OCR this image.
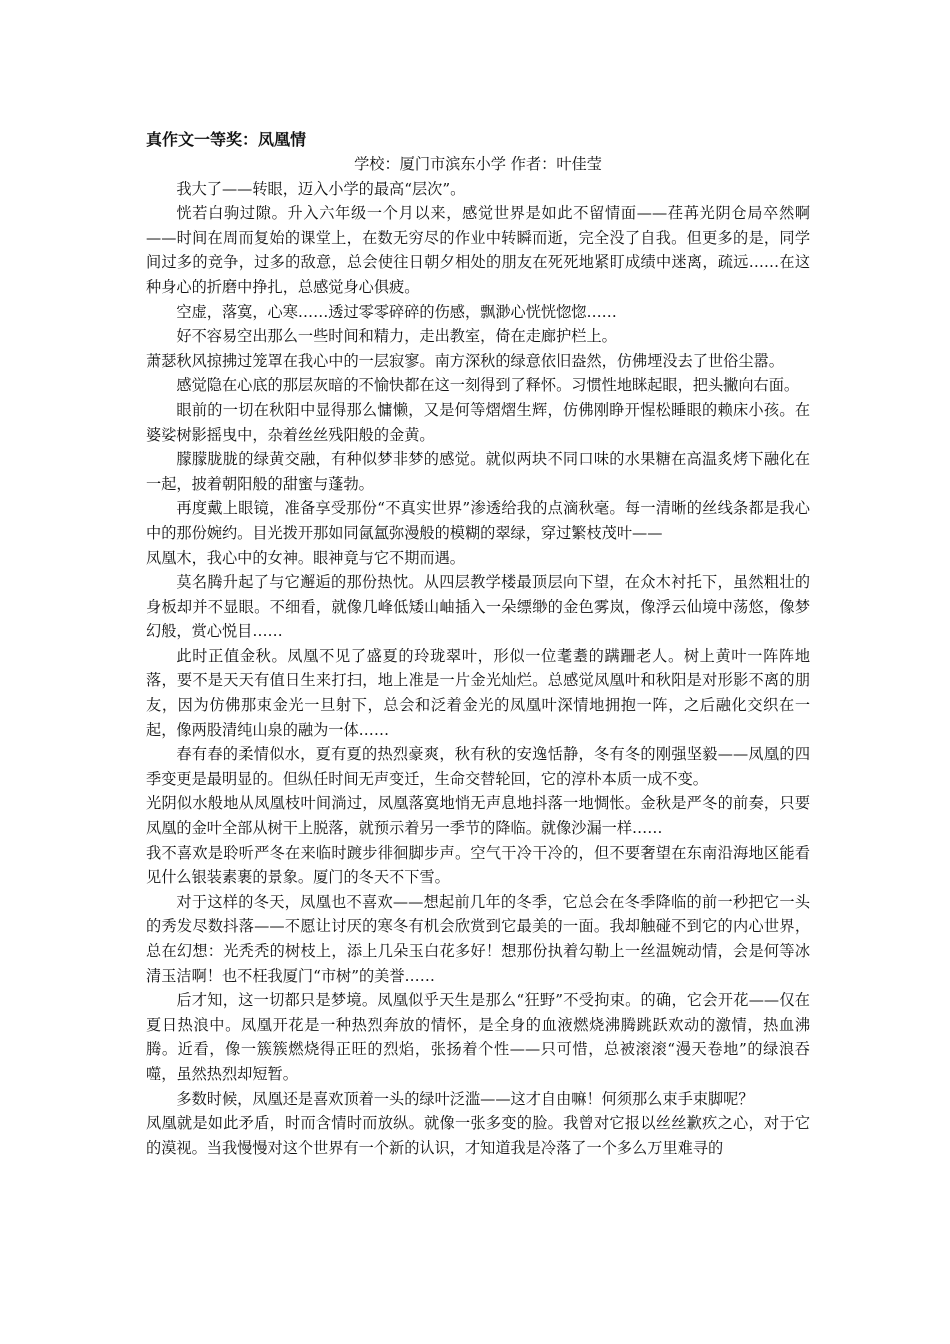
真作文一等奖：凤凰情

学校：厦门市滨东小学 作者：叶佳莹

我大了——转眼，迈入小学的最高“层次”。

恍若白驹过隙。升入六年级一个月以来，感觉世界是如此不留情面——荏苒光阴仓局卒然啊——时间在周而复始的课堂上，在数无穷尽的作业中转瞬而逝，完全没了自我。但更多的是，同学间过多的竞争，过多的敌意，总会使往日朝夕相处的朋友在死死地紧盯成绩中迷离，疏远……在这种身心的折磨中挣扎，总感觉身心俱疲。

空虚，落寞，心寒……透过零零碎碎的伤感，飘渺心恍恍惚惚……

好不容易空出那么一些时间和精力，走出教室，倚在走廊护栏上。

萧瑟秋风掠拂过笼罩在我心中的一层寂寥。南方深秋的绿意依旧盎然，仿佛堙没去了世俗尘嚣。

感觉隐在心底的那层灰暗的不愉快都在这一刻得到了释怀。习惯性地眯起眼，把头撇向右面。

眼前的一切在秋阳中显得那么慵懒，又是何等熠熠生辉，仿佛刚睁开惺松睡眼的赖床小孩。在婆娑树影摇曳中，杂着丝丝残阳般的金黄。

朦朦胧胧的绿黄交融，有种似梦非梦的感觉。就似两块不同口味的水果糖在高温炙烤下融化在一起，披着朝阳般的甜蜜与蓬勃。

再度戴上眼镜，准备享受那份“不真实世界”渗透给我的点滴秋毫。每一清晰的丝线条都是我心中的那份婉约。目光拨开那如同氤氲弥漫般的模糊的翠绿，穿过繁枝茂叶——

凤凰木，我心中的女神。眼神竟与它不期而遇。

莫名腾升起了与它邂逅的那份热忱。从四层教学楼最顶层向下望，在众木衬托下，虽然粗壮的身板却并不显眼。不细看，就像几峰低矮山岫插入一朵缥缈的金色雾岚，像浮云仙境中荡悠，像梦幻般，赏心悦目……

此时正值金秋。凤凰不见了盛夏的玲珑翠叶，形似一位耄耋的蹒跚老人。树上黄叶一阵阵地落，要不是天天有值日生来打扫，地上准是一片金光灿烂。总感觉凤凰叶和秋阳是对形影不离的朋友，因为仿佛那束金光一旦射下，总会和泛着金光的凤凰叶深情地拥抱一阵，之后融化交织在一起，像两股清纯山泉的融为一体……

春有春的柔情似水，夏有夏的热烈豪爽，秋有秋的安逸恬静，冬有冬的刚强坚毅——凤凰的四季变更是最明显的。但纵任时间无声变迁，生命交替轮回，它的淳朴本质一成不变。

光阴似水般地从凤凰枝叶间淌过，凤凰落寞地悄无声息地抖落一地惆怅。金秋是严冬的前奏，只要凤凰的金叶全部从树干上脱落，就预示着另一季节的降临。就像沙漏一样……

我不喜欢是聆听严冬在来临时踱步徘徊脚步声。空气干冷干冷的，但不要奢望在东南沿海地区能看见什么银装素裹的景象。厦门的冬天不下雪。

对于这样的冬天，凤凰也不喜欢——想起前几年的冬季，它总会在冬季降临的前一秒把它一头的秀发尽数抖落——不愿让讨厌的寒冬有机会欣赏到它最美的一面。我却触碰不到它的内心世界，总在幻想：光秃秃的树枝上，添上几朵玉白花多好！想那份执着勾勒上一丝温婉动情，会是何等冰清玉洁啊！也不枉我厦门“市树”的美誉……

后才知，这一切都只是梦境。凤凰似乎天生是那么“狂野”不受拘束。的确，它会开花——仅在夏日热浪中。凤凰开花是一种热烈奔放的情怀，是全身的血液燃烧沸腾跳跃欢动的激情，热血沸腾。近看，像一簇簇燃烧得正旺的烈焰，张扬着个性——只可惜，总被滚滚“漫天卷地”的绿浪吞噬，虽然热烈却短暂。

多数时候，凤凰还是喜欢顶着一头的绿叶泛滥——这才自由嘛！何须那么束手束脚呢？

凤凰就是如此矛盾，时而含情时而放纵。就像一张多变的脸。我曾对它报以丝丝歉疚之心，对于它的漠视。当我慢慢对这个世界有一个新的认识，才知道我是冷落了一个多么万里难寻的
